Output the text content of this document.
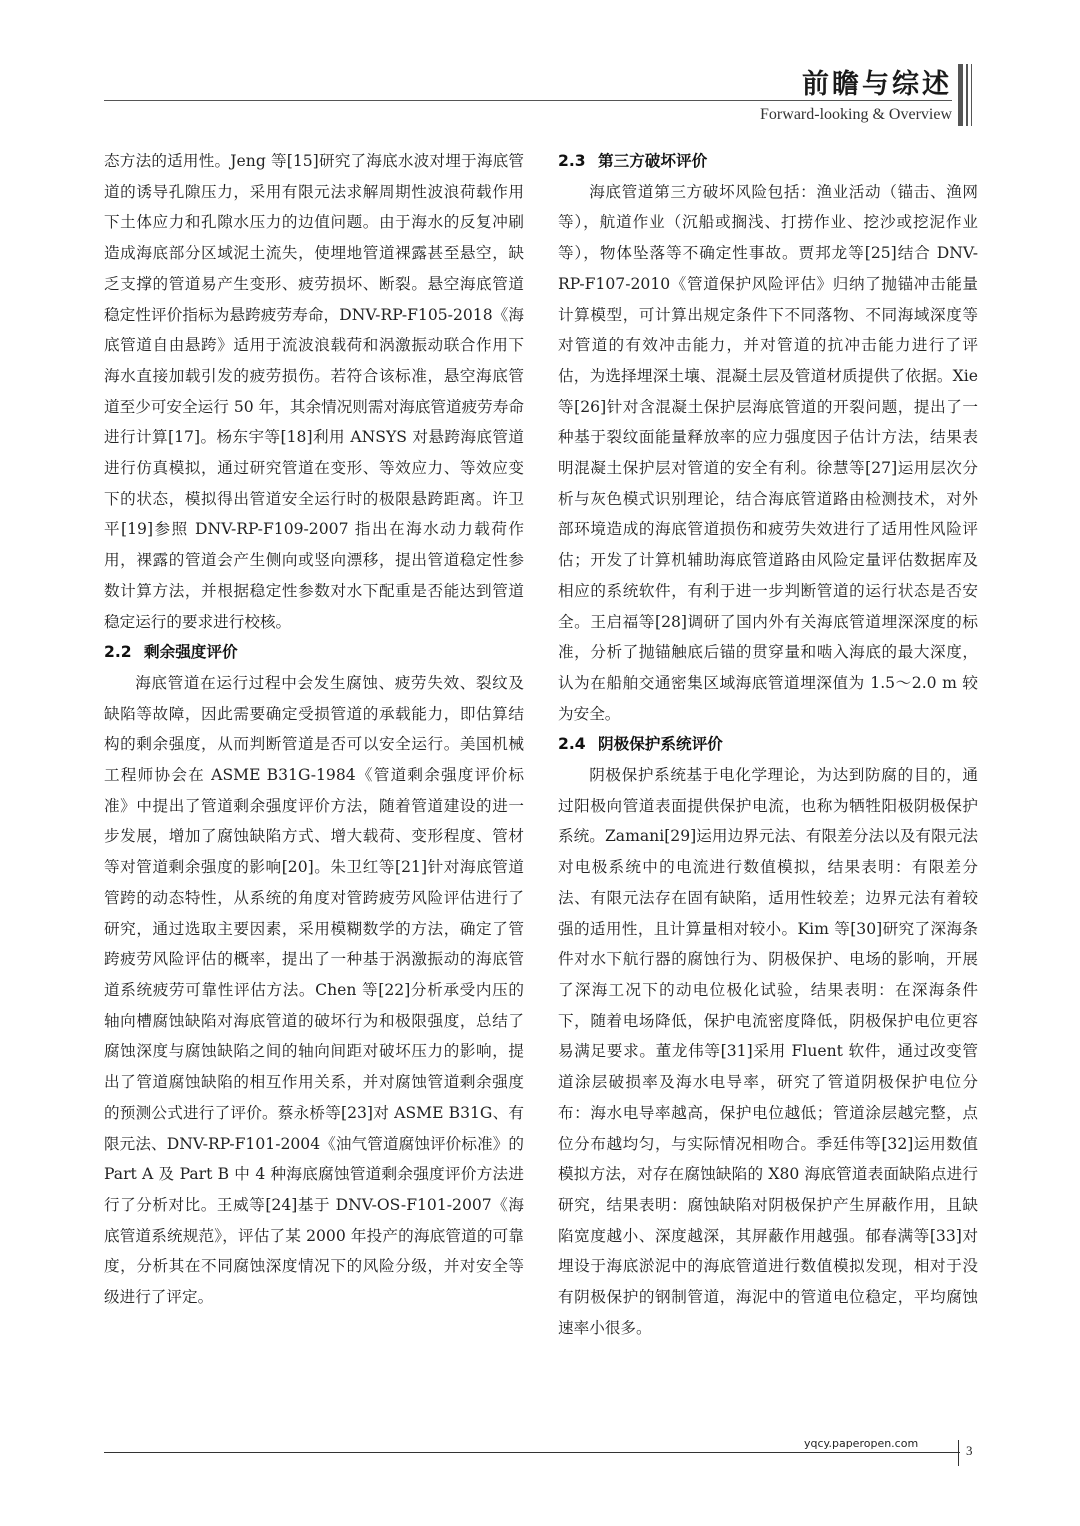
前瞻与综述
Forward-looking & Overview

态方法的适用性。Jeng 等[15]研究了海底水波对埋于海底管道的诱导孔隙压力，采用有限元法求解周期性波浪荷载作用下土体应力和孔隙水压力的边值问题。由于海水的反复冲刷造成海底部分区域泥土流失，使埋地管道裸露甚至悬空，缺乏支撑的管道易产生变形、疲劳损坏、断裂。悬空海底管道稳定性评价指标为悬跨疲劳寿命，DNV-RP-F105-2018《海底管道自由悬跨》适用于流波浪载荷和涡激振动联合作用下海水直接加载引发的疲劳损伤。若符合该标准，悬空海底管道至少可安全运行 50 年，其余情况则需对海底管道疲劳寿命进行计算[17]。杨东宇等[18]利用 ANSYS 对悬跨海底管道进行仿真模拟，通过研究管道在变形、等效应力、等效应变下的状态，模拟得出管道安全运行时的极限悬跨距离。许卫平[19]参照 DNV-RP-F109-2007 指出在海水动力载荷作用，裸露的管道会产生侧向或竖向漂移，提出管道稳定性参数计算方法，并根据稳定性参数对水下配重是否能达到管道稳定运行的要求进行校核。

2.2 剩余强度评价

海底管道在运行过程中会发生腐蚀、疲劳失效、裂纹及缺陷等故障，因此需要确定受损管道的承载能力，即估算结构的剩余强度，从而判断管道是否可以安全运行。美国机械工程师协会在 ASME B31G-1984《管道剩余强度评价标准》中提出了管道剩余强度评价方法，随着管道建设的进一步发展，增加了腐蚀缺陷方式、增大载荷、变形程度、管材等对管道剩余强度的影响[20]。朱卫红等[21]针对海底管道管跨的动态特性，从系统的角度对管跨疲劳风险评估进行了研究，通过选取主要因素，采用模糊数学的方法，确定了管跨疲劳风险评估的概率，提出了一种基于涡激振动的海底管道系统疲劳可靠性评估方法。Chen 等[22]分析承受内压的轴向槽腐蚀缺陷对海底管道的破坏行为和极限强度，总结了腐蚀深度与腐蚀缺陷之间的轴向间距对破坏压力的影响，提出了管道腐蚀缺陷的相互作用关系，并对腐蚀管道剩余强度的预测公式进行了评价。蔡永桥等[23]对 ASME B31G、有限元法、DNV-RP-F101-2004《油气管道腐蚀评价标准》的 Part A 及 Part B 中 4 种海底腐蚀管道剩余强度评价方法进行了分析对比。王威等[24]基于 DNV-OS-F101-2007《海底管道系统规范》，评估了某 2000 年投产的海底管道的可靠度，分析其在不同腐蚀深度情况下的风险分级，并对安全等级进行了评定。

2.3 第三方破坏评价

海底管道第三方破坏风险包括：渔业活动（锚击、渔网等），航道作业（沉船或搁浅、打捞作业、挖沙或挖泥作业等），物体坠落等不确定性事故。贾邦龙等[25]结合 DNV-RP-F107-2010《管道保护风险评估》归纳了抛锚冲击能量计算模型，可计算出规定条件下不同落物、不同海域深度等对管道的有效冲击能力，并对管道的抗冲击能力进行了评估，为选择埋深土壤、混凝土层及管道材质提供了依据。Xie 等[26]针对含混凝土保护层海底管道的开裂问题，提出了一种基于裂纹面能量释放率的应力强度因子估计方法，结果表明混凝土保护层对管道的安全有利。徐慧等[27]运用层次分析与灰色模式识别理论，结合海底管道路由检测技术，对外部环境造成的海底管道损伤和疲劳失效进行了适用性风险评估；开发了计算机辅助海底管道路由风险定量评估数据库及相应的系统软件，有利于进一步判断管道的运行状态是否安全。王启福等[28]调研了国内外有关海底管道埋深深度的标准，分析了抛锚触底后锚的贯穿量和啮入海底的最大深度，认为在船舶交通密集区域海底管道埋深值为 1.5～2.0 m 较为安全。

2.4 阴极保护系统评价

阴极保护系统基于电化学理论，为达到防腐的目的，通过阳极向管道表面提供保护电流，也称为牺牲阳极阴极保护系统。Zamani[29]运用边界元法、有限差分法以及有限元法对电极系统中的电流进行数值模拟，结果表明：有限差分法、有限元法存在固有缺陷，适用性较差；边界元法有着较强的适用性，且计算量相对较小。Kim 等[30]研究了深海条件对水下航行器的腐蚀行为、阴极保护、电场的影响，开展了深海工况下的动电位极化试验，结果表明：在深海条件下，随着电场降低，保护电流密度降低，阴极保护电位更容易满足要求。董龙伟等[31]采用 Fluent 软件，通过改变管道涂层破损率及海水电导率，研究了管道阴极保护电位分布：海水电导率越高，保护电位越低；管道涂层越完整，点位分布越均匀，与实际情况相吻合。季廷伟等[32]运用数值模拟方法，对存在腐蚀缺陷的 X80 海底管道表面缺陷点进行研究，结果表明：腐蚀缺陷对阴极保护产生屏蔽作用，且缺陷宽度越小、深度越深，其屏蔽作用越强。郁春满等[33]对埋设于海底淤泥中的海底管道进行数值模拟发现，相对于没有阴极保护的钢制管道，海泥中的管道电位稳定，平均腐蚀速率小很多。

yqcy.paperopen.com	3
